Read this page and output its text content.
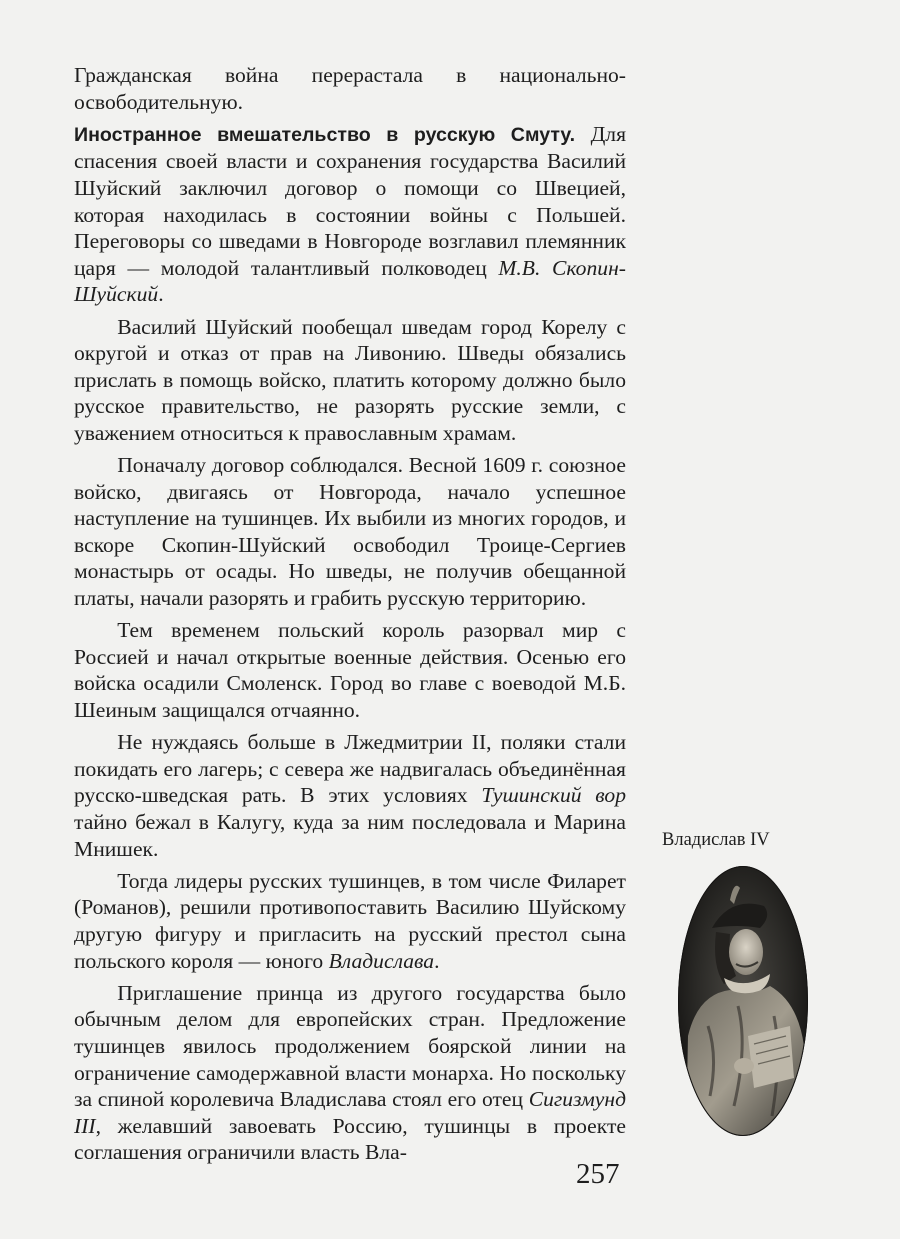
Гражданская война перерастала в национально-освободительную.

Иностранное вмешательство в русскую Смуту. Для спасения своей власти и сохранения государства Василий Шуйский заключил договор о помощи со Швецией, которая находилась в состоянии войны с Польшей. Переговоры со шведами в Новгороде возглавил племянник царя — молодой талантливый полководец М.В. Скопин-Шуйский.

Василий Шуйский пообещал шведам город Корелу с округой и отказ от прав на Ливонию. Шведы обязались прислать в помощь войско, платить которому должно было русское правительство, не разорять русские земли, с уважением относиться к православным храмам.

Поначалу договор соблюдался. Весной 1609 г. союзное войско, двигаясь от Новгорода, начало успешное наступление на тушинцев. Их выбили из многих городов, и вскоре Скопин-Шуйский освободил Троице-Сергиев монастырь от осады. Но шведы, не получив обещанной платы, начали разорять и грабить русскую территорию.

Тем временем польский король разорвал мир с Россией и начал открытые военные действия. Осенью его войска осадили Смоленск. Город во главе с воеводой М.Б. Шеиным защищался отчаянно.

Не нуждаясь больше в Лжедмитрии II, поляки стали покидать его лагерь; с севера же надвигалась объединённая русско-шведская рать. В этих условиях Тушинский вор тайно бежал в Калугу, куда за ним последовала и Марина Мнишек.

Тогда лидеры русских тушинцев, в том числе Филарет (Романов), решили противопоставить Василию Шуйскому другую фигуру и пригласить на русский престол сына польского короля — юного Владислава.

Приглашение принца из другого государства было обычным делом для европейских стран. Предложение тушинцев явилось продолжением боярской линии на ограничение самодержавной власти монарха. Но поскольку за спиной королевича Владислава стоял его отец Сигизмунд III, желавший завоевать Россию, тушинцы в проекте соглашения ограничили власть Вла-

Владислав IV
257
